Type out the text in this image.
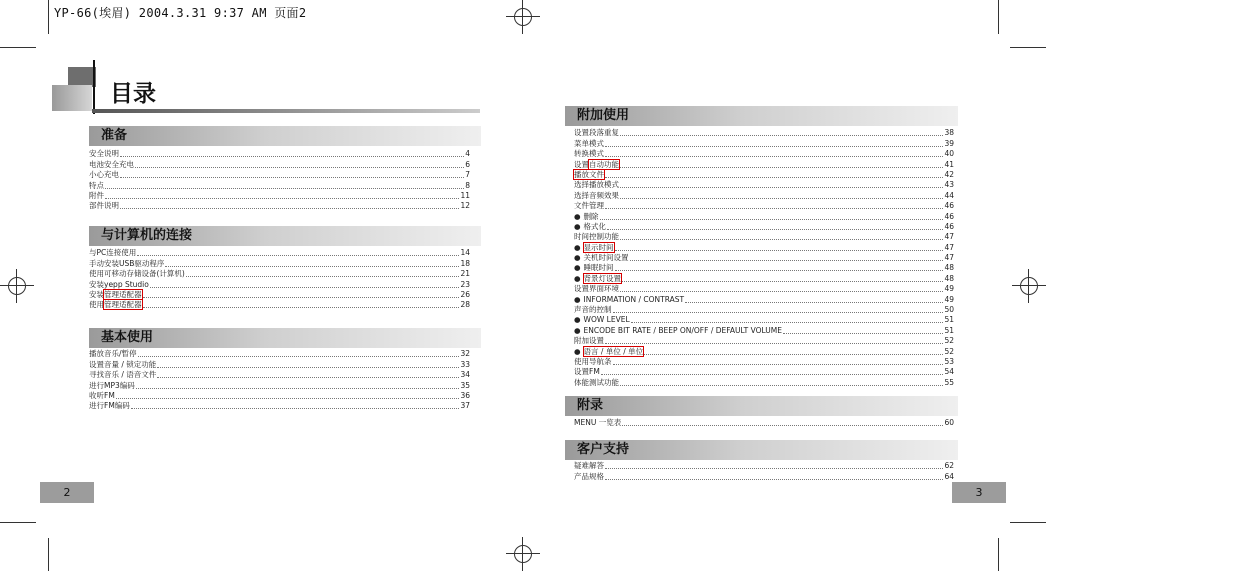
YP-66(埃眉) 2004.3.31 9:37 AM 页面2
目录
准备
安全说明	4
电池安全充电	6
小心充电	7
特点	8
附件	11
部件说明	12
与计算机的连接
与PC连接使用	14
手动安装USB驱动程序	18
使用可移动存储设备(计算机)	21
安装yepp Studio	23
安装管理适配器	26
使用管理适配器	28
基本使用
播放音乐/暂停	32
设置音量 / 锁定功能	33
寻找音乐 / 语音文件	34
进行MP3编码	35
收听FM	36
进行FM编码	37
附加使用
设置段落重复	38
菜单模式	39
转换模式	40
设置自动功能	41
播放文件	42
选择播放模式	43
选择音频效果	44
文件管理	46
● 删除	46
● 格式化	46
时间控制功能	47
● 显示时间	47
● 关机时间设置	47
● 睡眠时间	48
● 背景灯设置	48
设置界面环境	49
● INFORMATION / CONTRAST	49
声音的控制	50
● WOW LEVEL	51
● ENCODE BIT RATE / BEEP ON/OFF / DEFAULT VOLUME	51
附加设置	52
● 语言 / 单位 / 单位	52
使用导航条	53
设置FM	54
体能测试功能	55
附录
MENU 一览表	60
客户支持
疑难解答	62
产品规格	64
2	3
